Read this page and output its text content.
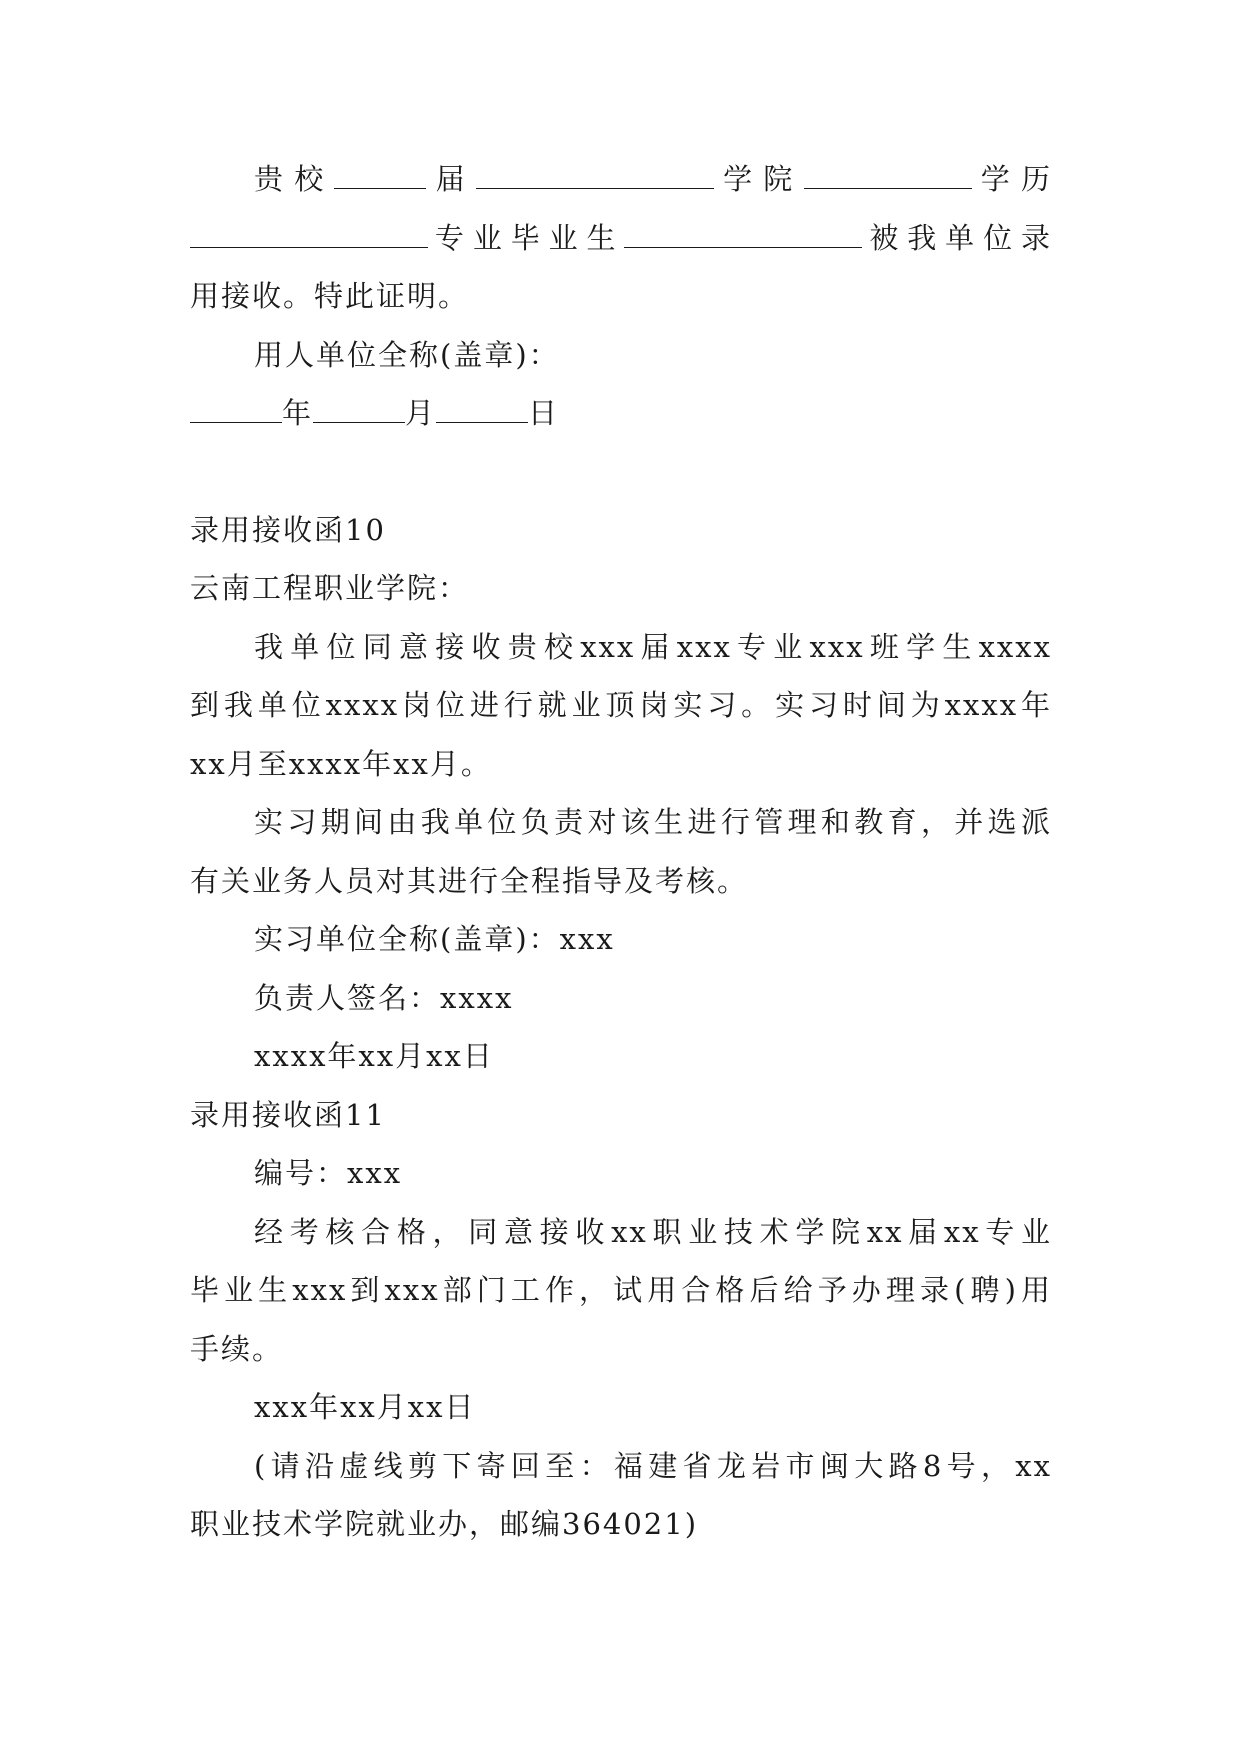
贵校	届	学院	学历

专业毕业生	被我单位录

用接收。特此证明。

用人单位全称(盖章)：

年	月	日

录用接收函10

云南工程职业学院：

我单位同意接收贵校xxx届xxx专业xxx班学生xxxx

到我单位xxxx岗位进行就业顶岗实习。实习时间为xxxx年

xx月至xxxx年xx月。

实习期间由我单位负责对该生进行管理和教育，并选派

有关业务人员对其进行全程指导及考核。

实习单位全称(盖章)：xxx

负责人签名：xxxx

xxxx年xx月xx日

录用接收函11

编号：xxx

经考核合格，同意接收xx职业技术学院xx届xx专业

毕业生xxx到xxx部门工作，试用合格后给予办理录(聘)用

手续。

xxx年xx月xx日

(请沿虚线剪下寄回至：福建省龙岩市闽大路8号，xx

职业技术学院就业办，邮编364021)
